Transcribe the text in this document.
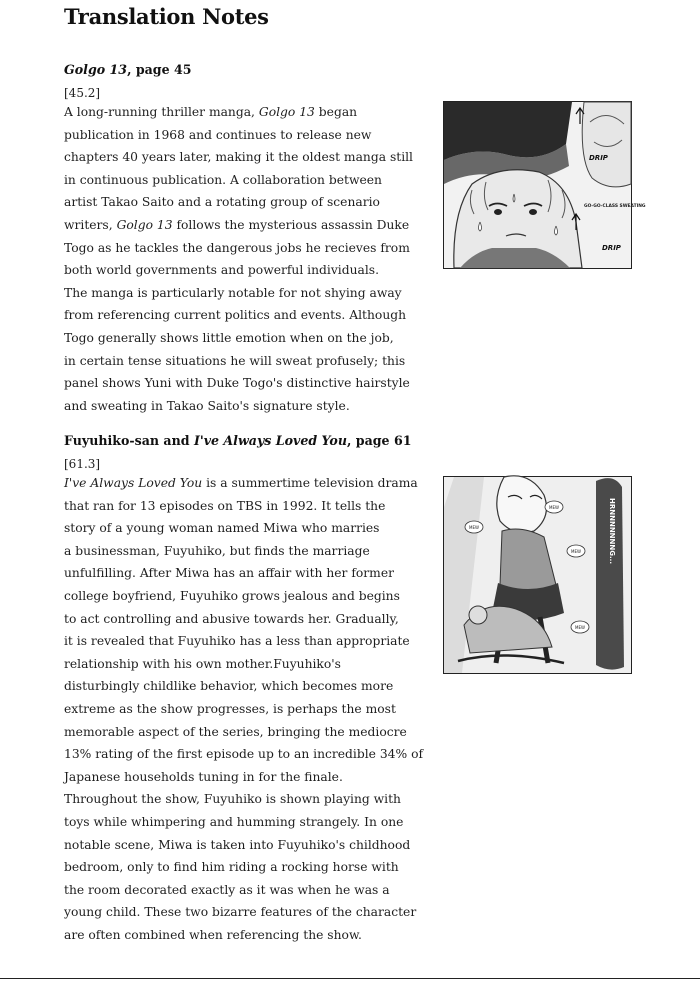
Translation Notes
Golgo 13, page 45
[45.2]
A long-running thriller manga, Golgo 13 began
publication in 1968 and continues to release new
chapters 40 years later, making it the oldest manga still
in continuous publication. A collaboration between
artist Takao Saito and a rotating group of scenario
writers, Golgo 13 follows the mysterious assassin Duke
Togo as he tackles the dangerous jobs he recieves from
both world governments and powerful individuals.
The manga is particularly notable for not shying away
from referencing current politics and events. Although
Togo generally shows little emotion when on the job,
in certain tense situations he will sweat profusely; this
panel shows Yuni with Duke Togo's distinctive hairstyle
and sweating in Takao Saito's signature style.
DRIP
DRIP
GO-GO-CLASS SWEATING
Fuyuhiko-san and I've Always Loved You, page 61
[61.3]
I've Always Loved You is a summertime television drama
that ran for 13 episodes on TBS in 1992. It tells the
story of a young woman named Miwa who marries
a businessman, Fuyuhiko, but finds the marriage
unfulfilling. After Miwa has an affair with her former
college boyfriend, Fuyuhiko grows jealous and begins
to act controlling and abusive towards her. Gradually,
it is revealed that Fuyuhiko has a less than appropriate
relationship with his own mother.Fuyuhiko's
disturbingly childlike behavior, which becomes more
extreme as the show progresses, is perhaps the most
memorable aspect of the series, bringing the mediocre
13% rating of the first episode up to an incredible 34% of
Japanese households tuning in for the finale.
Throughout the show, Fuyuhiko is shown playing with
toys while whimpering and humming strangely. In one
notable scene, Miwa is taken into Fuyuhiko's childhood
bedroom, only to find him riding a rocking horse with
the room decorated exactly as it was when he was a
young child. These two bizarre features of the character
are often combined when referencing the show.
HRNNNNNNNG...
MEW
MEW
MEW
MEW
